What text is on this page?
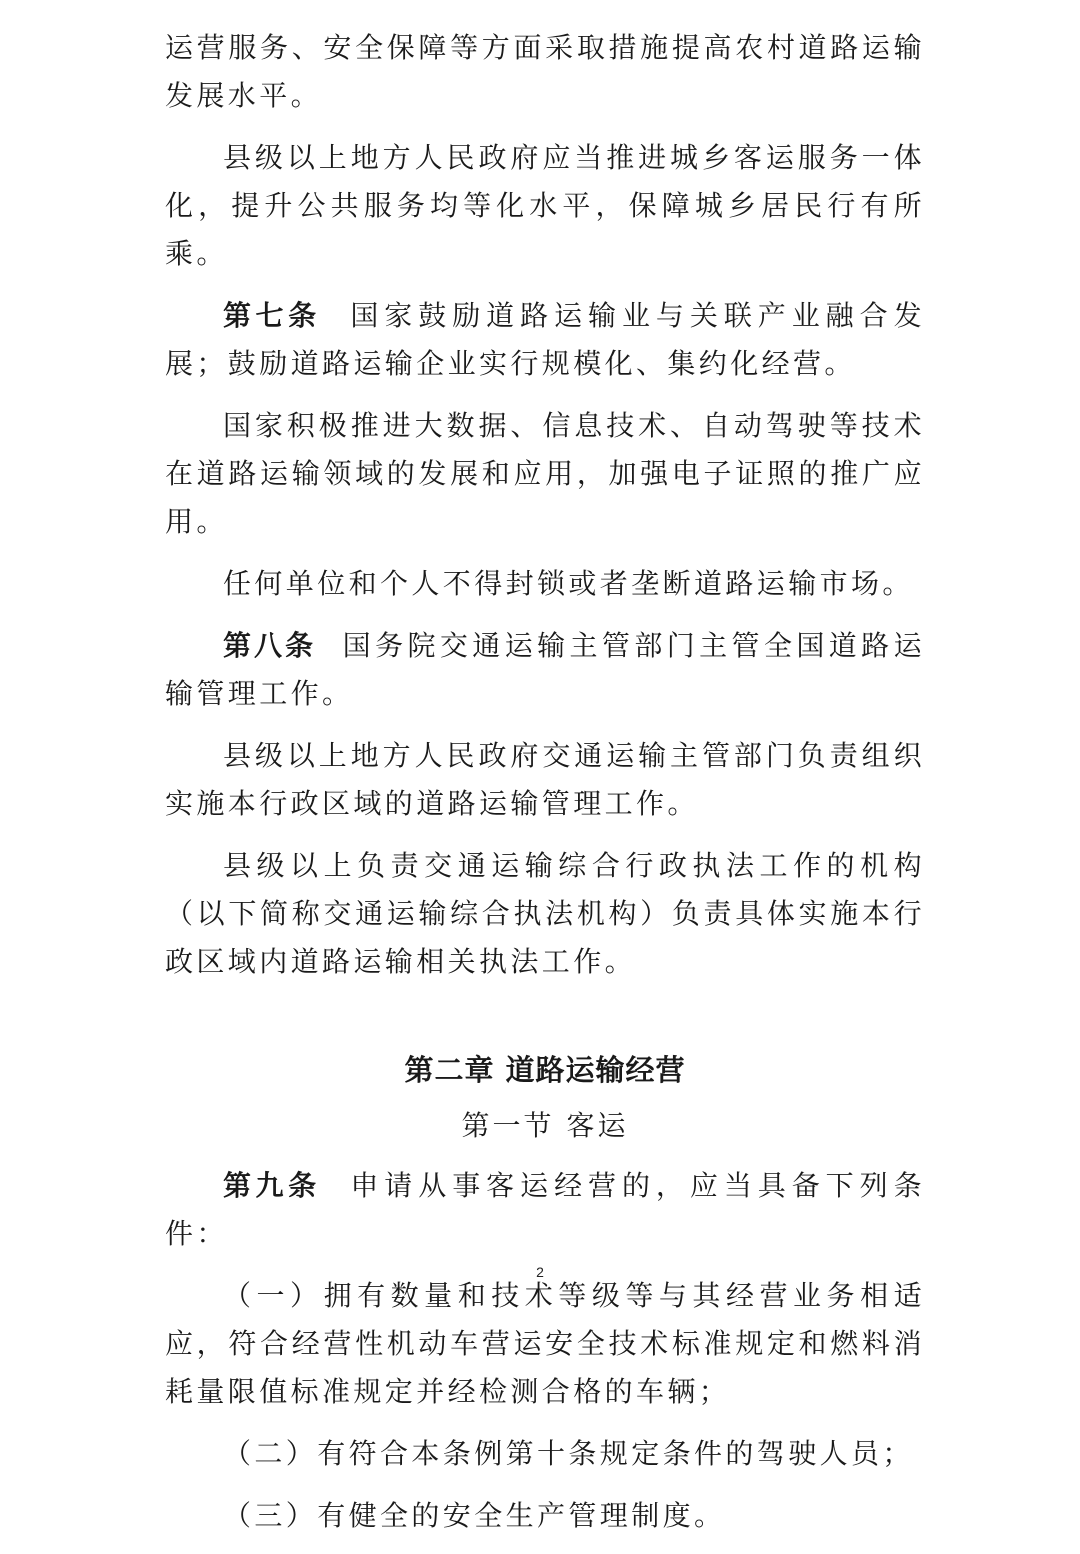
运营服务、安全保障等方面采取措施提高农村道路运输发展水平。

县级以上地方人民政府应当推进城乡客运服务一体化，提升公共服务均等化水平，保障城乡居民行有所乘。

第七条 国家鼓励道路运输业与关联产业融合发展；鼓励道路运输企业实行规模化、集约化经营。

国家积极推进大数据、信息技术、自动驾驶等技术在道路运输领域的发展和应用，加强电子证照的推广应用。

任何单位和个人不得封锁或者垄断道路运输市场。

第八条 国务院交通运输主管部门主管全国道路运输管理工作。

县级以上地方人民政府交通运输主管部门负责组织实施本行政区域的道路运输管理工作。

县级以上负责交通运输综合行政执法工作的机构（以下简称交通运输综合执法机构）负责具体实施本行政区域内道路运输相关执法工作。

第二章 道路运输经营
第一节 客运

第九条 申请从事客运经营的，应当具备下列条件：

（一）拥有数量和技术等级等与其经营业务相适应，符合经营性机动车营运安全技术标准规定和燃料消耗量限值标准规定并经检测合格的车辆；

（二）有符合本条例第十条规定条件的驾驶人员；

（三）有健全的安全生产管理制度。

2
